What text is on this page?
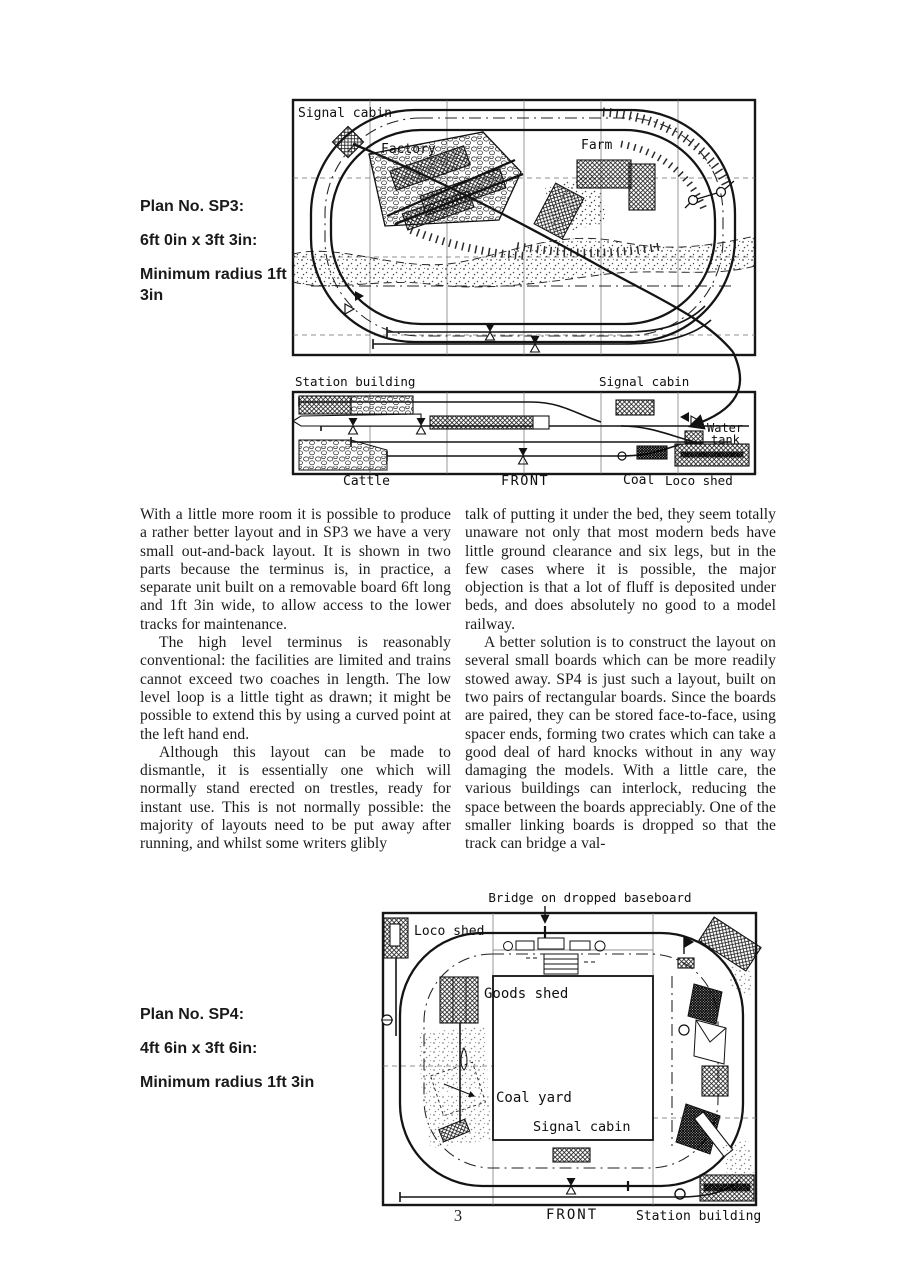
Plan No. SP3:

6ft 0in x 3ft 3in:

Minimum radius 1ft 3in

Signal cabin
Factory	Farm
Station building	Signal cabin
Cattle	FRONT	Coal Loco shed
Water
tank

With a little more room it is possible to produce a rather better layout and in SP3 we have a very small out-and-back layout. It is shown in two parts because the terminus is, in practice, a separate unit built on a removable board 6ft long and 1ft 3in wide, to allow access to the lower tracks for maintenance.

The high level terminus is reasonably conventional: the facilities are limited and trains cannot exceed two coaches in length. The low level loop is a little tight as drawn; it might be possible to extend this by using a curved point at the left hand end.

Although this layout can be made to dismantle, it is essentially one which will normally stand erected on trestles, ready for instant use. This is not normally possible: the majority of layouts need to be put away after running, and whilst some writers glibly

talk of putting it under the bed, they seem totally unaware not only that most modern beds have little ground clearance and six legs, but in the few cases where it is possible, the major objection is that a lot of fluff is deposited under beds, and does absolutely no good to a model railway.

A better solution is to construct the layout on several small boards which can be more readily stowed away. SP4 is just such a layout, built on two pairs of rectangular boards. Since the boards are paired, they can be stored face-to-face, using spacer ends, forming two crates which can take a good deal of hard knocks without in any way damaging the models. With a little care, the various buildings can interlock, reducing the space between the boards appreciably. One of the smaller linking boards is dropped so that the track can bridge a val-

Plan No. SP4:

4ft 6in x 3ft 6in:

Minimum radius 1ft 3in

Bridge on dropped baseboard
Loco shed
Goods shed
Coal yard
Signal cabin
FRONT	Station building
3
